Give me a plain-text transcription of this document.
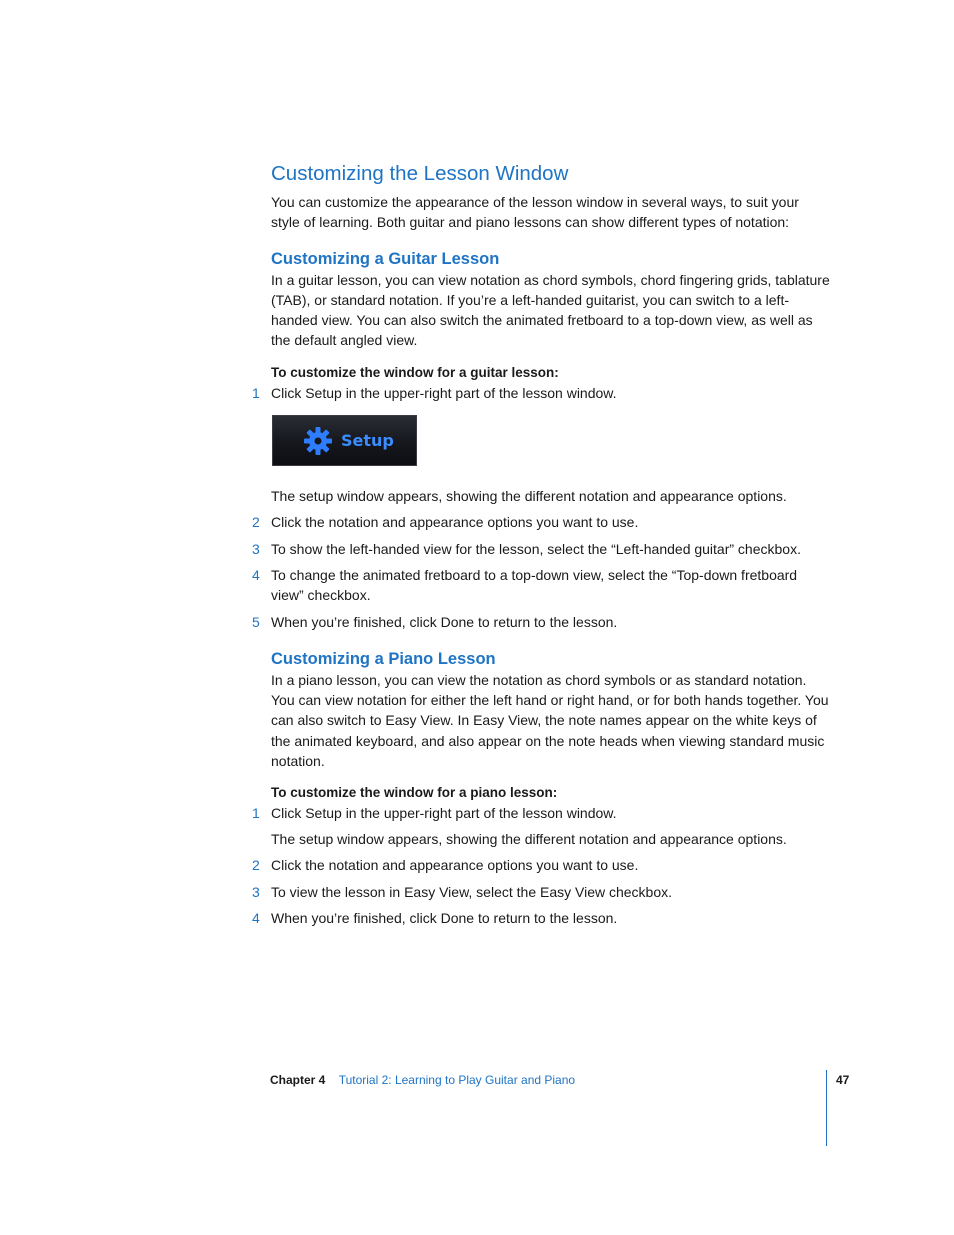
Customizing the Lesson Window

You can customize the appearance of the lesson window in several ways, to suit your style of learning. Both guitar and piano lessons can show different types of notation:

Customizing a Guitar Lesson

In a guitar lesson, you can view notation as chord symbols, chord fingering grids, tablature (TAB), or standard notation. If you’re a left-handed guitarist, you can switch to a left-handed view. You can also switch the animated fretboard to a top-down view, as well as the default angled view.

To customize the window for a guitar lesson:

1 Click Setup in the upper-right part of the lesson window.
Setup

The setup window appears, showing the different notation and appearance options.

2 Click the notation and appearance options you want to use.
3 To show the left-handed view for the lesson, select the “Left-handed guitar” checkbox.
4 To change the animated fretboard to a top-down view, select the “Top-down fretboard view” checkbox.
5 When you’re finished, click Done to return to the lesson.
Customizing a Piano Lesson

In a piano lesson, you can view the notation as chord symbols or as standard notation. You can view notation for either the left hand or right hand, or for both hands together. You can also switch to Easy View. In Easy View, the note names appear on the white keys of the animated keyboard, and also appear on the note heads when viewing standard music notation.

To customize the window for a piano lesson:

1 Click Setup in the upper-right part of the lesson window.

The setup window appears, showing the different notation and appearance options.

2 Click the notation and appearance options you want to use.
3 To view the lesson in Easy View, select the Easy View checkbox.
4 When you’re finished, click Done to return to the lesson.
Chapter 4 Tutorial 2: Learning to Play Guitar and Piano	47
